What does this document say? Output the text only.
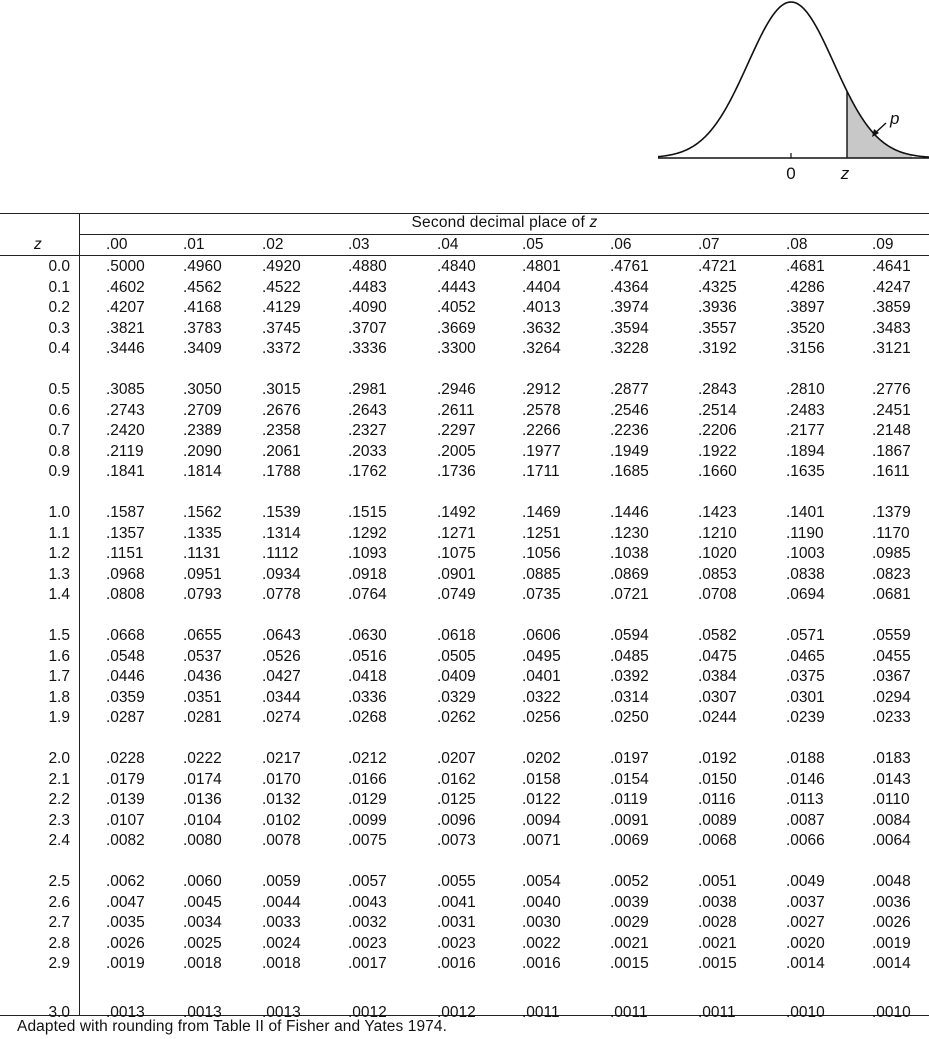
0	z
p
Second decimal place of z
z	.00	.01	.02	.03	.04	.05	.06	.07	.08	.09
0.0 .5000 .4960	.4920	.4880	.4840	.4801	.4761	.4721	.4681	.4641
0.1 .4602 .4562	.4522	.4483	.4443	.4404	.4364	.4325	.4286	.4247
0.2 .4207 .4168	.4129	.4090	.4052	.4013	.3974	.3936	.3897	.3859
0.3 .3821 .3783	.3745	.3707	.3669	.3632	.3594	.3557	.3520	.3483
0.4 .3446 .3409	.3372	.3336	.3300	.3264	.3228	.3192	.3156	.3121
0.5 .3085 .3050	.3015	.2981	.2946	.2912	.2877	.2843	.2810	.2776
0.6 .2743 .2709	.2676	.2643	.2611	.2578	.2546	.2514	.2483	.2451
0.7 .2420 .2389	.2358	.2327	.2297	.2266	.2236	.2206	.2177	.2148
0.8 .2119	.2090	.2061	.2033	.2005	.1977	.1949	.1922	.1894	.1867
0.9 .1841 .1814	.1788	.1762	.1736	.1711	.1685	.1660	.1635	.1611
1.0 .1587 .1562	.1539	.1515	.1492	.1469	.1446	.1423	.1401	.1379
1.1 .1357 .1335	.1314	.1292	.1271	.1251	.1230	.1210	.1190	.1170
1.2 .1151	.1131	.1112	.1093	.1075	.1056	.1038	.1020	.1003	.0985
1.3 .0968 .0951	.0934	.0918	.0901	.0885	.0869	.0853	.0838	.0823
1.4 .0808 .0793	.0778	.0764	.0749	.0735	.0721	.0708	.0694	.0681
1.5 .0668 .0655	.0643	.0630	.0618	.0606	.0594	.0582	.0571	.0559
1.6 .0548 .0537	.0526	.0516	.0505	.0495	.0485	.0475	.0465	.0455
1.7 .0446 .0436	.0427	.0418	.0409	.0401	.0392	.0384	.0375	.0367
1.8 .0359 .0351	.0344	.0336	.0329	.0322	.0314	.0307	.0301	.0294
1.9 .0287 .0281	.0274	.0268	.0262	.0256	.0250	.0244	.0239	.0233
2.0 .0228 .0222	.0217	.0212	.0207	.0202	.0197	.0192	.0188	.0183
2.1 .0179 .0174	.0170	.0166	.0162	.0158	.0154	.0150	.0146	.0143
2.2 .0139 .0136	.0132	.0129	.0125	.0122	.0119	.0116	.0113	.0110
2.3 .0107 .0104	.0102	.0099	.0096	.0094	.0091	.0089	.0087	.0084
2.4 .0082 .0080	.0078	.0075	.0073	.0071	.0069	.0068	.0066	.0064
2.5 .0062 .0060	.0059	.0057	.0055	.0054	.0052	.0051	.0049	.0048
2.6 .0047 .0045	.0044	.0043	.0041	.0040	.0039	.0038	.0037	.0036
2.7 .0035 .0034	.0033	.0032	.0031	.0030	.0029	.0028	.0027	.0026
2.8 .0026 .0025	.0024	.0023	.0023	.0022	.0021	.0021	.0020	.0019
2.9 .0019 .0018	.0018	.0017	.0016	.0016	.0015	.0015	.0014	.0014
3.0 .0013 .0013	.0013	.0012	.0012	.0011	.0011	.0011	.0010	.0010
Adapted with rounding from Table II of Fisher and Yates 1974.
